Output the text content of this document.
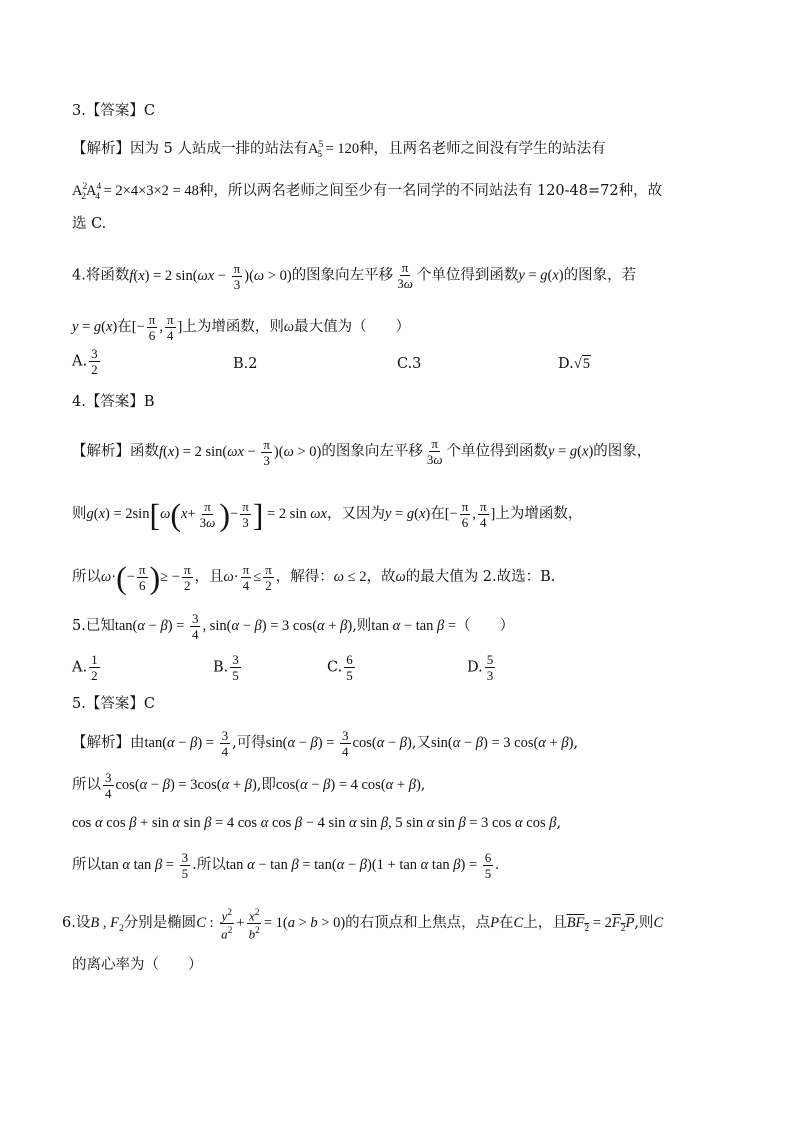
3.【答案】C
【解析】因为 5 人站成一排的站法有$A^5_5 = 120$种，且两名老师之间没有学生的站法有
$A^2_2A^4_4 = 2\times 4\times 3\times 2 = 48$种，所以两名老师之间至少有一名同学的不同站法有 120-48=72种，故
选 C.
4.将函数f(x) = 2 $\sin(\omega x - \frac{\pi}{3} )(\omega > 0)$的图象向左平移 $\frac{\pi}{3\omega}$ 个单位得到函数y = g(x)的图象，若
y = g(x)在[− $\frac{\pi}{6}$ , $\frac{\pi}{4}$ ]上为增函数，则ω最大值为（　　）
A. $\frac{3}{2}$	B.2	C.3	D.√5
4.【答案】B
【解析】函数f(x) = 2 $\sin(\omega x - \frac{\pi}{3} )(\omega > 0)$的图象向左平移 $\frac{\pi}{3\omega}$ 个单位得到函数y = g(x)的图象，
则$g(x) = 2\sin[\omega(x+ \frac{\pi}{3\omega}$ )− $\frac{\pi}{3}$ ] = 2 sin ωx，又因为y = g(x)在[− $\frac{\pi}{6}$ , $\frac{\pi}{4}$ ]上为增函数，
所以$\omega\cdot(- \frac{\pi}{6}$ )≥ − $\frac{\pi}{2}$ ，且$\omega\cdot \frac{\pi}{4} \le \frac{\pi}{2}$ ，解得：ω ≤ 2，故ω的最大值为 2.故选：B.
5.已知$\tan(\alpha - \beta) = \frac{3}{4}$ , sin(α − β) = 3 cos(α + β),则tan α − tan β =（　　）
A. $\frac{1}{2}$	B. $\frac{3}{5}$	C. $\frac{6}{5}$	D. $\frac{5}{3}$
5.【答案】C
【解析】由$\tan(\alpha - \beta) = \frac{3}{4}$ ,可得$\sin(\alpha - \beta) = \frac{3}{4} \cos(\alpha - \beta)$,又sin(α − β) = 3 cos(α + β),
所以 $\frac{3}{4} \cos(\alpha - \beta) = 3\cos(\alpha + \beta)$,即cos(α − β) = 4 cos(α + β),
cos α cos β + sin α sin β = 4 cos α cos β − 4 sin α sin β, 5 sin α sin β = 3 cos α cos β,
所以tan α $\tan \beta = \frac{3}{5}$ .所以tan α − tan β = tan(α − β)(1 + tan α $\tan \beta) = \frac{6}{5}$ .
6.设B , $F_2$分别是椭圆C : $\frac{y^2}{a^2} + \frac{x^2}{b^2} = 1(a > b > 0)$的右顶点和上焦点，点P在C上，且$BF_2 = 2F_2P$,则C
的离心率为（　　）
